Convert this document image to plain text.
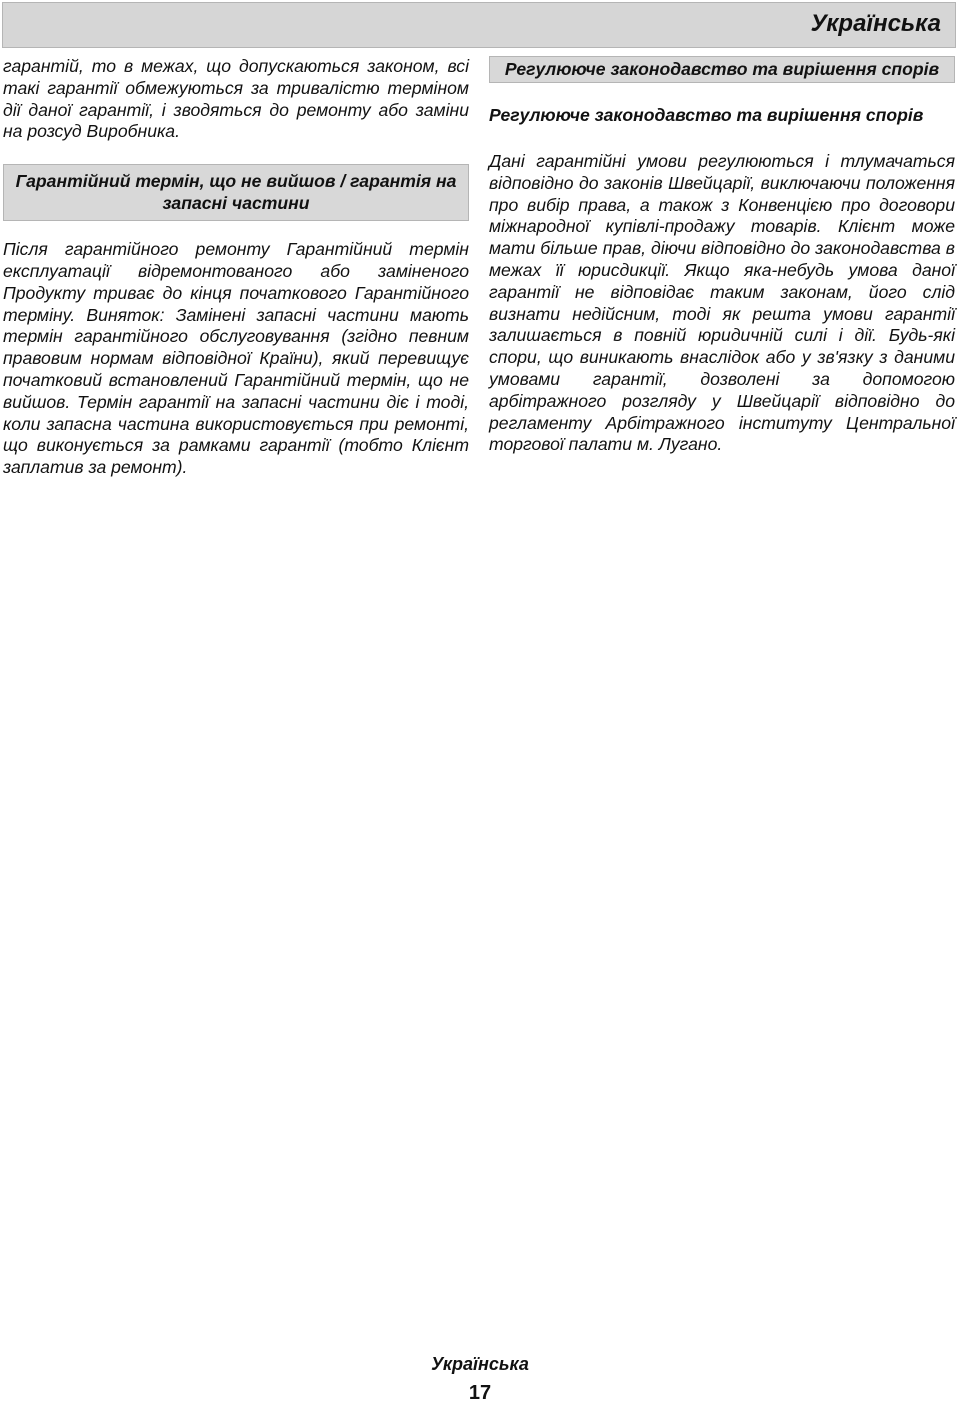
Українська

гарантій, то в межах, що допускаються законом, всі такі гарантії обмежуються за тривалістю терміном дії даної гарантії, і зводяться до ремонту або заміни на розсуд Виробника.

Гарантійний термін, що не вийшов / гарантія на запасні частини

Після гарантійного ремонту Гарантійний термін експлуатації відремонтованого або заміненого Продукту триває до кінця початкового Гарантійного терміну. Виняток: Замінені запасні частини мають термін гарантійного обслуговування (згідно певним правовим нормам відповідної Країни), який перевищує початковий встановлений Гарантійний термін, що не вийшов. Термін гарантії на запасні частини діє і тоді, коли запасна частина використовується при ремонті, що виконується за рамками гарантії (тобто Клієнт заплатив за ремонт).

Регулююче законодавство та вирішення спорів
Регулююче законодавство та вирішення спорів

Дані гарантійні умови регулюються і тлумачаться відповідно до законів Швейцарії, виключаючи положення про вибір права, а також з Конвенцією про договори міжнародної купівлі-продажу товарів. Клієнт може мати більше прав, діючи відповідно до законодавства в межах її юрисдикції. Якщо яка-небудь умова даної гарантії не відповідає таким законам, його слід визнати недійсним, тоді як решта умови гарантії залишається в повній юридичній силі і дії. Будь-які спори, що виникають внаслідок або у зв'язку з даними умовами гарантії, дозволені за допомогою арбітражного розгляду у Швейцарії відповідно до регламенту Арбітражного інституту Центральної торгової палати м. Лугано.

Українська
17
